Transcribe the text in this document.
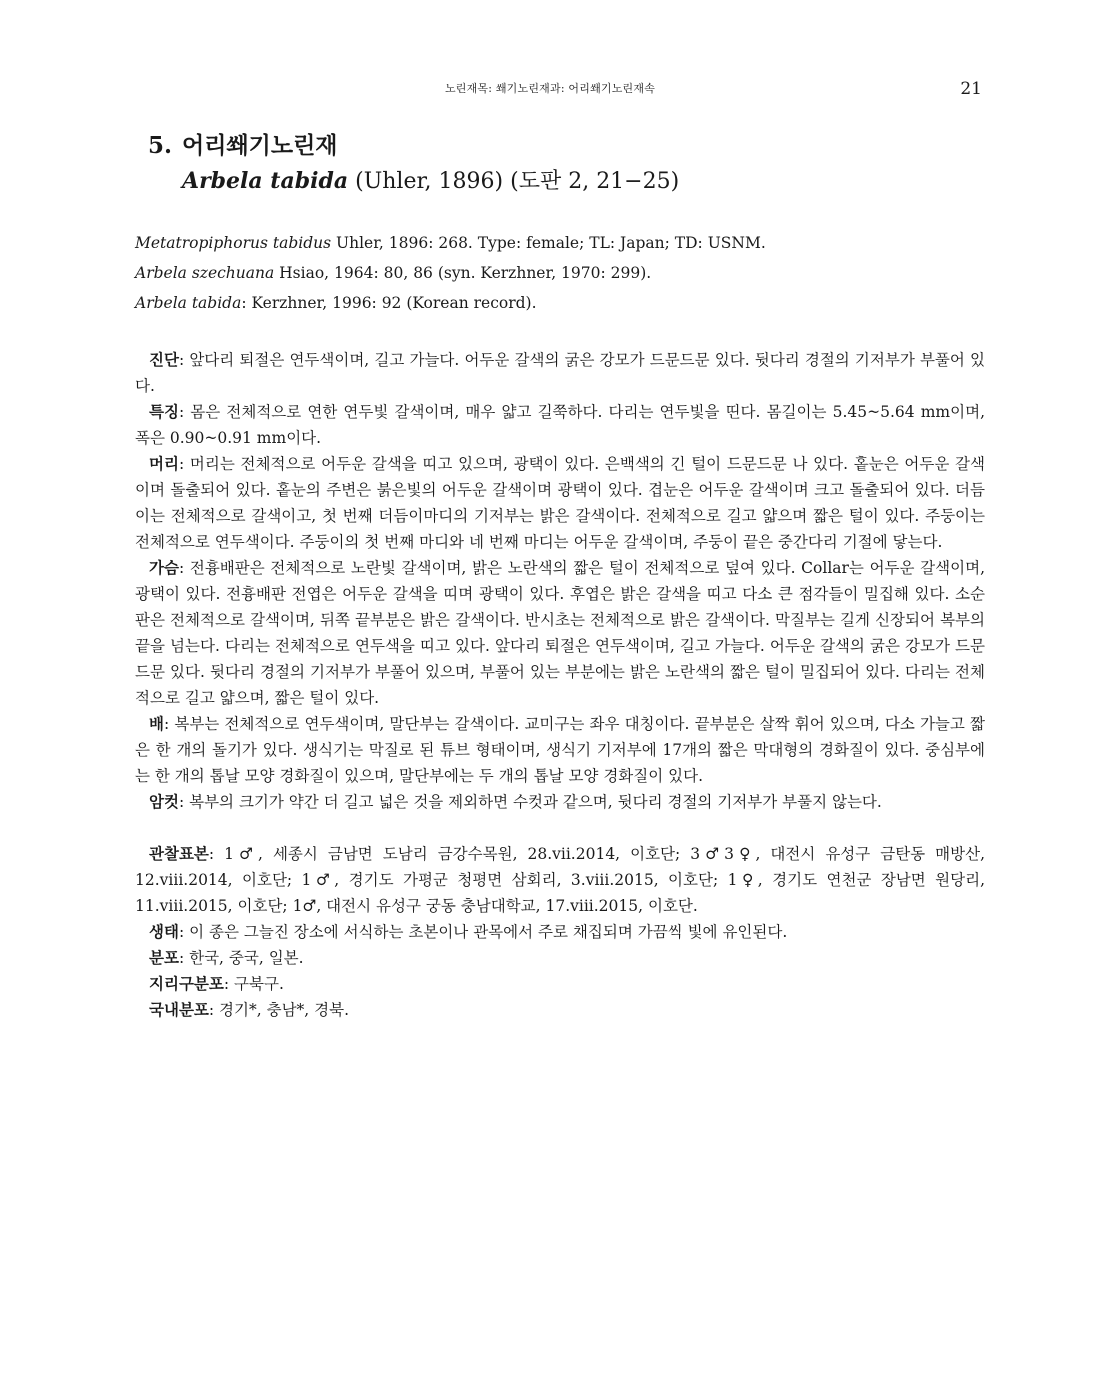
노린재목: 쐐기노린재과: 어리쐐기노린재속	21
5. 어리쐐기노린재
Arbela tabida (Uhler, 1896) (도판 2, 21−25)
Metatropiphorus tabidus Uhler, 1896: 268. Type: female; TL: Japan; TD: USNM.
Arbela szechuana Hsiao, 1964: 80, 86 (syn. Kerzhner, 1970: 299).
Arbela tabida: Kerzhner, 1996: 92 (Korean record).

진단: 앞다리 퇴절은 연두색이며, 길고 가늘다. 어두운 갈색의 굵은 강모가 드문드문 있다. 뒷다리 경절의 기저부가 부풀어 있다.

특징: 몸은 전체적으로 연한 연두빛 갈색이며, 매우 얇고 길쭉하다. 다리는 연두빛을 띤다. 몸길이는 5.45~5.64 mm이며, 폭은 0.90~0.91 mm이다.

머리: 머리는 전체적으로 어두운 갈색을 띠고 있으며, 광택이 있다. 은백색의 긴 털이 드문드문 나 있다. 홑눈은 어두운 갈색이며 돌출되어 있다. 홑눈의 주변은 붉은빛의 어두운 갈색이며 광택이 있다. 겹눈은 어두운 갈색이며 크고 돌출되어 있다. 더듬이는 전체적으로 갈색이고, 첫 번째 더듬이마디의 기저부는 밝은 갈색이다. 전체적으로 길고 얇으며 짧은 털이 있다. 주둥이는 전체적으로 연두색이다. 주둥이의 첫 번째 마디와 네 번째 마디는 어두운 갈색이며, 주둥이 끝은 중간다리 기절에 닿는다.

가슴: 전흉배판은 전체적으로 노란빛 갈색이며, 밝은 노란색의 짧은 털이 전체적으로 덮여 있다. Collar는 어두운 갈색이며, 광택이 있다. 전흉배판 전엽은 어두운 갈색을 띠며 광택이 있다. 후엽은 밝은 갈색을 띠고 다소 큰 점각들이 밀집해 있다. 소순판은 전체적으로 갈색이며, 뒤쪽 끝부분은 밝은 갈색이다. 반시초는 전체적으로 밝은 갈색이다. 막질부는 길게 신장되어 복부의 끝을 넘는다. 다리는 전체적으로 연두색을 띠고 있다. 앞다리 퇴절은 연두색이며, 길고 가늘다. 어두운 갈색의 굵은 강모가 드문드문 있다. 뒷다리 경절의 기저부가 부풀어 있으며, 부풀어 있는 부분에는 밝은 노란색의 짧은 털이 밀집되어 있다. 다리는 전체적으로 길고 얇으며, 짧은 털이 있다.

배: 복부는 전체적으로 연두색이며, 말단부는 갈색이다. 교미구는 좌우 대칭이다. 끝부분은 살짝 휘어 있으며, 다소 가늘고 짧은 한 개의 돌기가 있다. 생식기는 막질로 된 튜브 형태이며, 생식기 기저부에 17개의 짧은 막대형의 경화질이 있다. 중심부에는 한 개의 톱날 모양 경화질이 있으며, 말단부에는 두 개의 톱날 모양 경화질이 있다.

암컷: 복부의 크기가 약간 더 길고 넓은 것을 제외하면 수컷과 같으며, 뒷다리 경절의 기저부가 부풀지 않는다.

관찰표본: 1♂, 세종시 금남면 도남리 금강수목원, 28.vii.2014, 이호단; 3♂3♀, 대전시 유성구 금탄동 매방산, 12.viii.2014, 이호단; 1♂, 경기도 가평군 청평면 삼회리, 3.viii.2015, 이호단; 1♀, 경기도 연천군 장남면 원당리, 11.viii.2015, 이호단; 1♂, 대전시 유성구 궁동 충남대학교, 17.viii.2015, 이호단.

생태: 이 종은 그늘진 장소에 서식하는 초본이나 관목에서 주로 채집되며 가끔씩 빛에 유인된다.

분포: 한국, 중국, 일본.

지리구분포: 구북구.

국내분포: 경기*, 충남*, 경북.
